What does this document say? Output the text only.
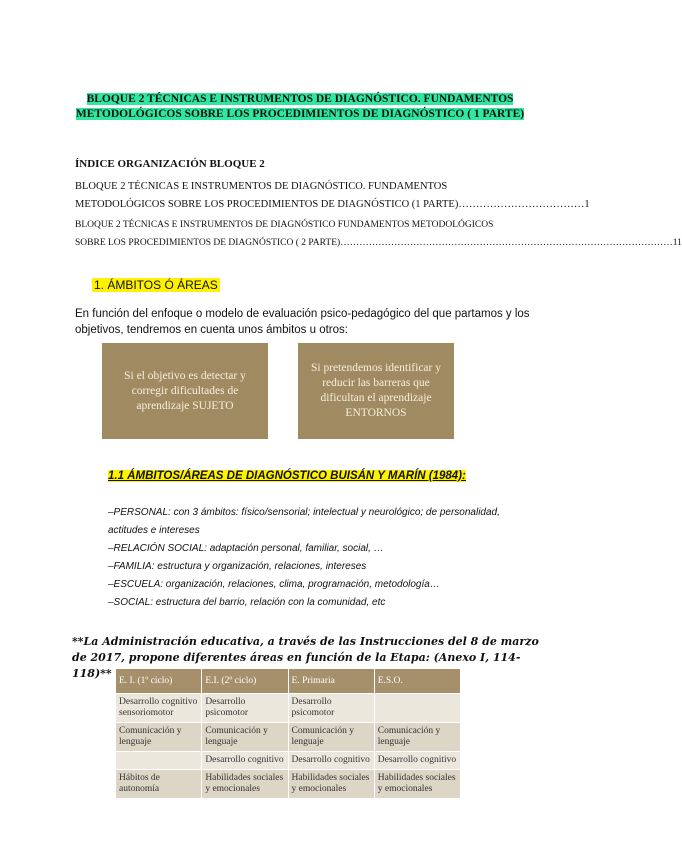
BLOQUE 2 TÉCNICAS E INSTRUMENTOS DE DIAGNÓSTICO. FUNDAMENTOS METODOLÓGICOS SOBRE LOS PROCEDIMIENTOS DE DIAGNÓSTICO ( 1 PARTE)
ÍNDICE ORGANIZACIÓN BLOQUE 2
BLOQUE 2 TÉCNICAS E INSTRUMENTOS DE DIAGNÓSTICO. FUNDAMENTOS
METODOLÓGICOS SOBRE LOS PROCEDIMIENTOS DE DIAGNÓSTICO (1 PARTE) ……………………………… 1
BLOQUE 2 TÉCNICAS E INSTRUMENTOS DE DIAGNÓSTICO FUNDAMENTOS METODOLÓGICOS
SOBRE LOS PROCEDIMIENTOS DE DIAGNÓSTICO ( 2 PARTE) …………………………………………………………………………………………… 11
1. ÁMBITOS Ó ÁREAS
En función del enfoque o modelo de evaluación psico-pedagógico del que partamos y los objetivos, tendremos en cuenta unos ámbitos u otros:
Si el objetivo es detectar y corregir dificultades de aprendizaje SUJETO
Si pretendemos identificar y reducir las barreras que dificultan el aprendizaje ENTORNOS
1.1 ÁMBITOS/ÁREAS DE DIAGNÓSTICO BUISÁN Y MARÍN (1984):
–PERSONAL: con 3 ámbitos: físico/sensorial; intelectual y neurológico; de personalidad, actitudes e intereses
–RELACIÓN SOCIAL: adaptación personal, familiar, social, …
–FAMILIA: estructura y organización, relaciones, intereses
–ESCUELA: organización, relaciones, clima, programación, metodología…
–SOCIAL: estructura del barrio, relación con la comunidad, etc
**La Administración educativa, a través de las Instrucciones del 8 de marzo de 2017, propone diferentes áreas en función de la Etapa: (Anexo I, 114-118)**
E. I. (1º ciclo)	E.I. (2º ciclo)	E. Primaria	E.S.O.
Desarrollo cognitivo sensoriomotor	Desarrollo psicomotor	Desarrollo psicomotor	
Comunicación y lenguaje	Comunicación y lenguaje	Comunicación y lenguaje	Comunicación y lenguaje
	Desarrollo cognitivo	Desarrollo cognitivo	Desarrollo cognitivo
Hábitos de autonomía	Habilidades sociales y emocionales	Habilidades sociales y emocionales	Habilidades sociales y emocionales
